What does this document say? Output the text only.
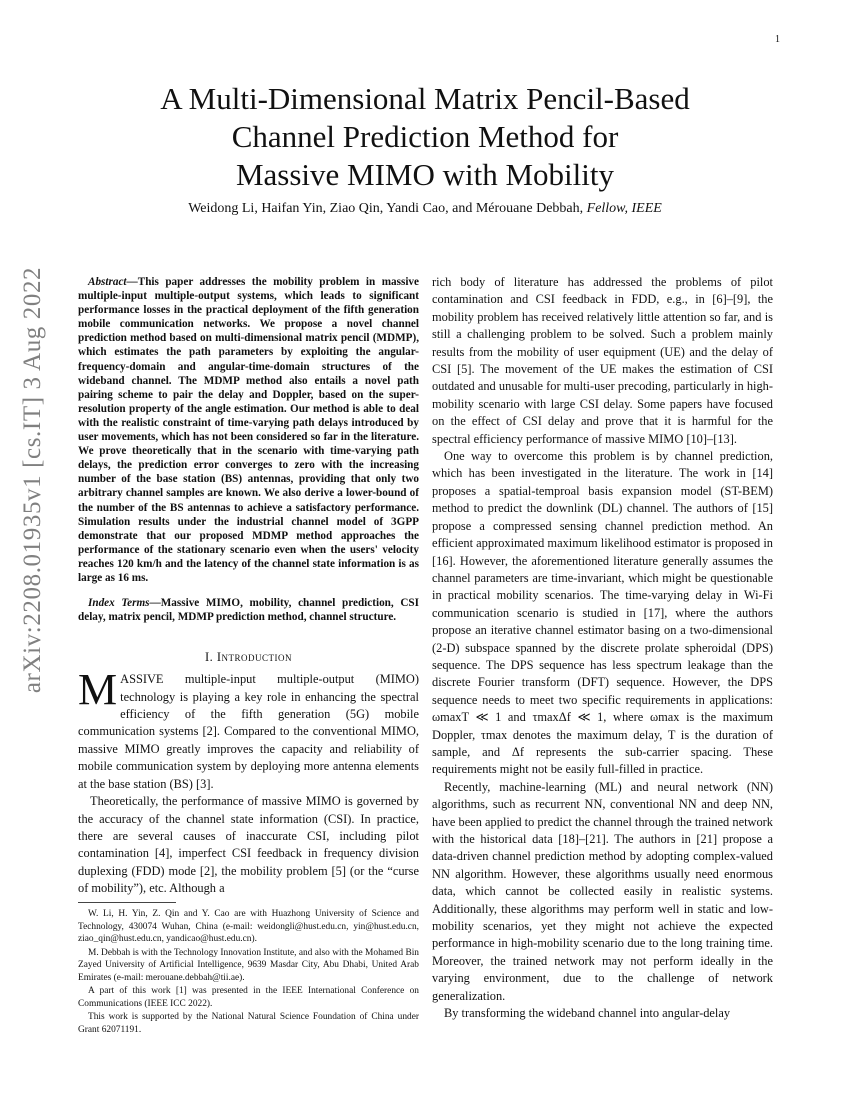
1
arXiv:2208.01935v1 [cs.IT] 3 Aug 2022
A Multi-Dimensional Matrix Pencil-Based
Channel Prediction Method for
Massive MIMO with Mobility
Weidong Li, Haifan Yin, Ziao Qin, Yandi Cao, and Mérouane Debbah, Fellow, IEEE

Abstract—This paper addresses the mobility problem in massive multiple-input multiple-output systems, which leads to significant performance losses in the practical deployment of the fifth generation mobile communication networks. We propose a novel channel prediction method based on multi-dimensional matrix pencil (MDMP), which estimates the path parameters by exploiting the angular-frequency-domain and angular-time-domain structures of the wideband channel. The MDMP method also entails a novel path pairing scheme to pair the delay and Doppler, based on the super-resolution property of the angle estimation. Our method is able to deal with the realistic constraint of time-varying path delays introduced by user movements, which has not been considered so far in the literature. We prove theoretically that in the scenario with time-varying path delays, the prediction error converges to zero with the increasing number of the base station (BS) antennas, providing that only two arbitrary channel samples are known. We also derive a lower-bound of the number of the BS antennas to achieve a satisfactory performance. Simulation results under the industrial channel model of 3GPP demonstrate that our proposed MDMP method approaches the performance of the stationary scenario even when the users' velocity reaches 120 km/h and the latency of the channel state information is as large as 16 ms.

Index Terms—Massive MIMO, mobility, channel prediction, CSI delay, matrix pencil, MDMP prediction method, channel structure.

I. Introduction

MASSIVE multiple-input multiple-output (MIMO) technology is playing a key role in enhancing the spectral efficiency of the fifth generation (5G) mobile communication systems [2]. Compared to the conventional MIMO, massive MIMO greatly improves the capacity and reliability of mobile communication system by deploying more antenna elements at the base station (BS) [3].

Theoretically, the performance of massive MIMO is governed by the accuracy of the channel state information (CSI). In practice, there are several causes of inaccurate CSI, including pilot contamination [4], imperfect CSI feedback in frequency division duplexing (FDD) mode [2], the mobility problem [5] (or the “curse of mobility”), etc. Although a

W. Li, H. Yin, Z. Qin and Y. Cao are with Huazhong University of Science and Technology, 430074 Wuhan, China (e-mail: weidongli@hust.edu.cn, yin@hust.edu.cn, ziao_qin@hust.edu.cn, yandicao@hust.edu.cn).

M. Debbah is with the Technology Innovation Institute, and also with the Mohamed Bin Zayed University of Artificial Intelligence, 9639 Masdar City, Abu Dhabi, United Arab Emirates (e-mail: merouane.debbah@tii.ae).

A part of this work [1] was presented in the IEEE International Conference on Communications (IEEE ICC 2022).

This work is supported by the National Natural Science Foundation of China under Grant 62071191.

rich body of literature has addressed the problems of pilot contamination and CSI feedback in FDD, e.g., in [6]–[9], the mobility problem has received relatively little attention so far, and is still a challenging problem to be solved. Such a problem mainly results from the mobility of user equipment (UE) and the delay of CSI [5]. The movement of the UE makes the estimation of CSI outdated and unusable for multi-user precoding, particularly in high-mobility scenario with large CSI delay. Some papers have focused on the effect of CSI delay and prove that it is harmful for the spectral efficiency performance of massive MIMO [10]–[13].

One way to overcome this problem is by channel prediction, which has been investigated in the literature. The work in [14] proposes a spatial-temproal basis expansion model (ST-BEM) method to predict the downlink (DL) channel. The authors of [15] propose a compressed sensing channel prediction method. An efficient approximated maximum likelihood estimator is proposed in [16]. However, the aforementioned literature generally assumes the channel parameters are time-invariant, which might be questionable in practical mobility scenarios. The time-varying delay in Wi-Fi communication scenario is studied in [17], where the authors propose an iterative channel estimator basing on a two-dimensional (2-D) subspace spanned by the discrete prolate spheroidal (DPS) sequence. The DPS sequence has less spectrum leakage than the discrete Fourier transform (DFT) sequence. However, the DPS sequence needs to meet two specific requirements in applications: ωmaxT ≪ 1 and τmaxΔf ≪ 1, where ωmax is the maximum Doppler, τmax denotes the maximum delay, T is the duration of sample, and Δf represents the sub-carrier spacing. These requirements might not be easily full-filled in practice.

Recently, machine-learning (ML) and neural network (NN) algorithms, such as recurrent NN, conventional NN and deep NN, have been applied to predict the channel through the trained network with the historical data [18]–[21]. The authors in [21] propose a data-driven channel prediction method by adopting complex-valued NN algorithm. However, these algorithms usually need enormous data, which cannot be collected easily in realistic systems. Additionally, these algorithms may perform well in static and low-mobility scenarios, yet they might not achieve the expected performance in high-mobility scenario due to the long training time. Moreover, the trained network may not perform ideally in the varying environment, due to the challenge of network generalization.

By transforming the wideband channel into angular-delay
